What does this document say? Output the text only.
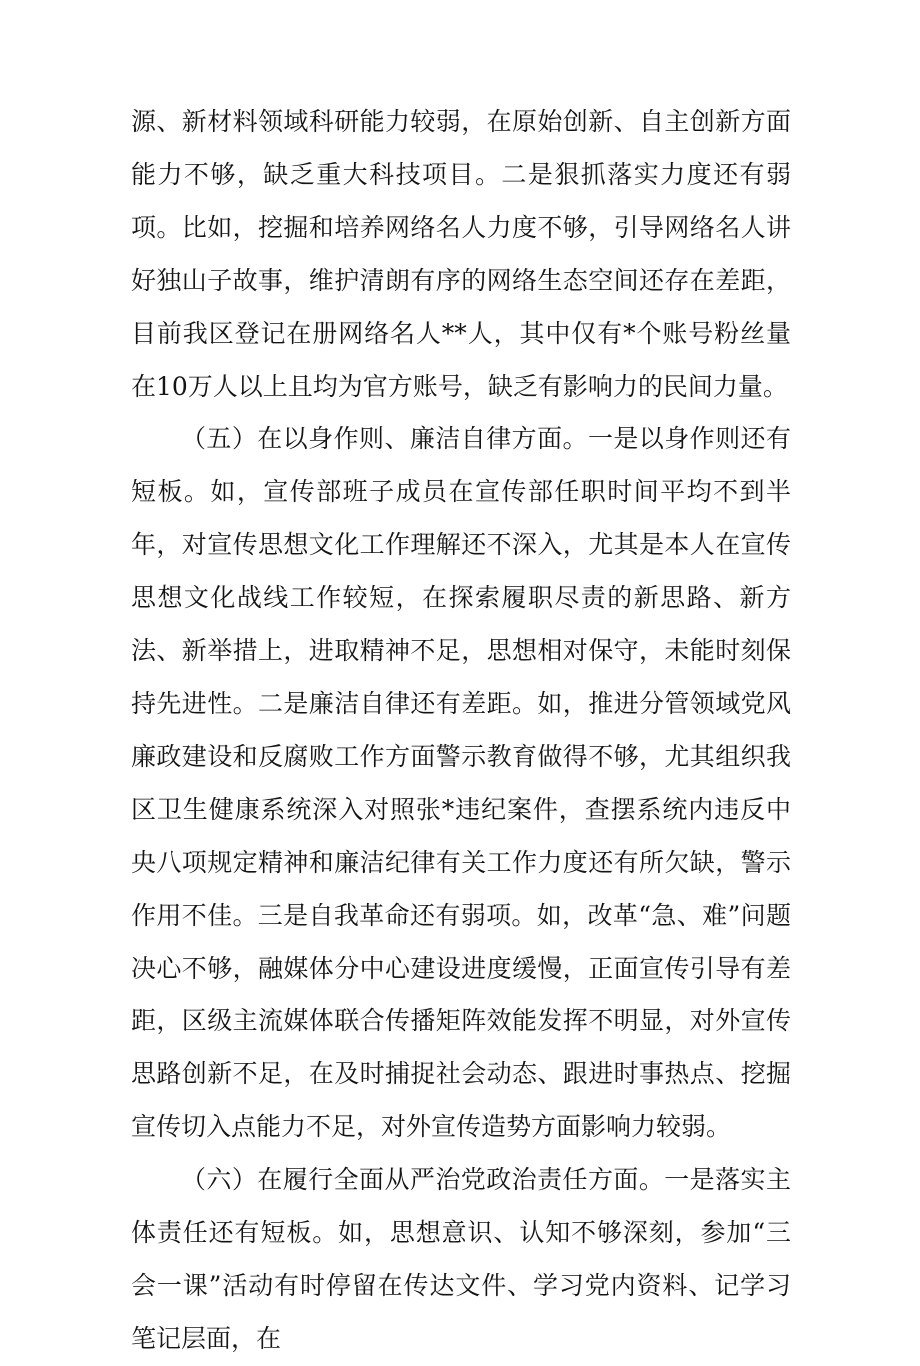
源、新材料领域科研能力较弱，在原始创新、自主创新方面能力不够，缺乏重大科技项目。二是狠抓落实力度还有弱项。比如，挖掘和培养网络名人力度不够，引导网络名人讲好独山子故事，维护清朗有序的网络生态空间还存在差距，目前我区登记在册网络名人**人，其中仅有*个账号粉丝量在10万人以上且均为官方账号，缺乏有影响力的民间力量。

（五）在以身作则、廉洁自律方面。一是以身作则还有短板。如，宣传部班子成员在宣传部任职时间平均不到半年，对宣传思想文化工作理解还不深入，尤其是本人在宣传思想文化战线工作较短，在探索履职尽责的新思路、新方法、新举措上，进取精神不足，思想相对保守，未能时刻保持先进性。二是廉洁自律还有差距。如，推进分管领域党风廉政建设和反腐败工作方面警示教育做得不够，尤其组织我区卫生健康系统深入对照张*违纪案件，查摆系统内违反中央八项规定精神和廉洁纪律有关工作力度还有所欠缺，警示作用不佳。三是自我革命还有弱项。如，改革“急、难”问题决心不够，融媒体分中心建设进度缓慢，正面宣传引导有差距，区级主流媒体联合传播矩阵效能发挥不明显，对外宣传思路创新不足，在及时捕捉社会动态、跟进时事热点、挖掘宣传切入点能力不足，对外宣传造势方面影响力较弱。

（六）在履行全面从严治党政治责任方面。一是落实主体责任还有短板。如，思想意识、认知不够深刻，参加“三会一课”活动有时停留在传达文件、学习党内资料、记学习笔记层面，在
